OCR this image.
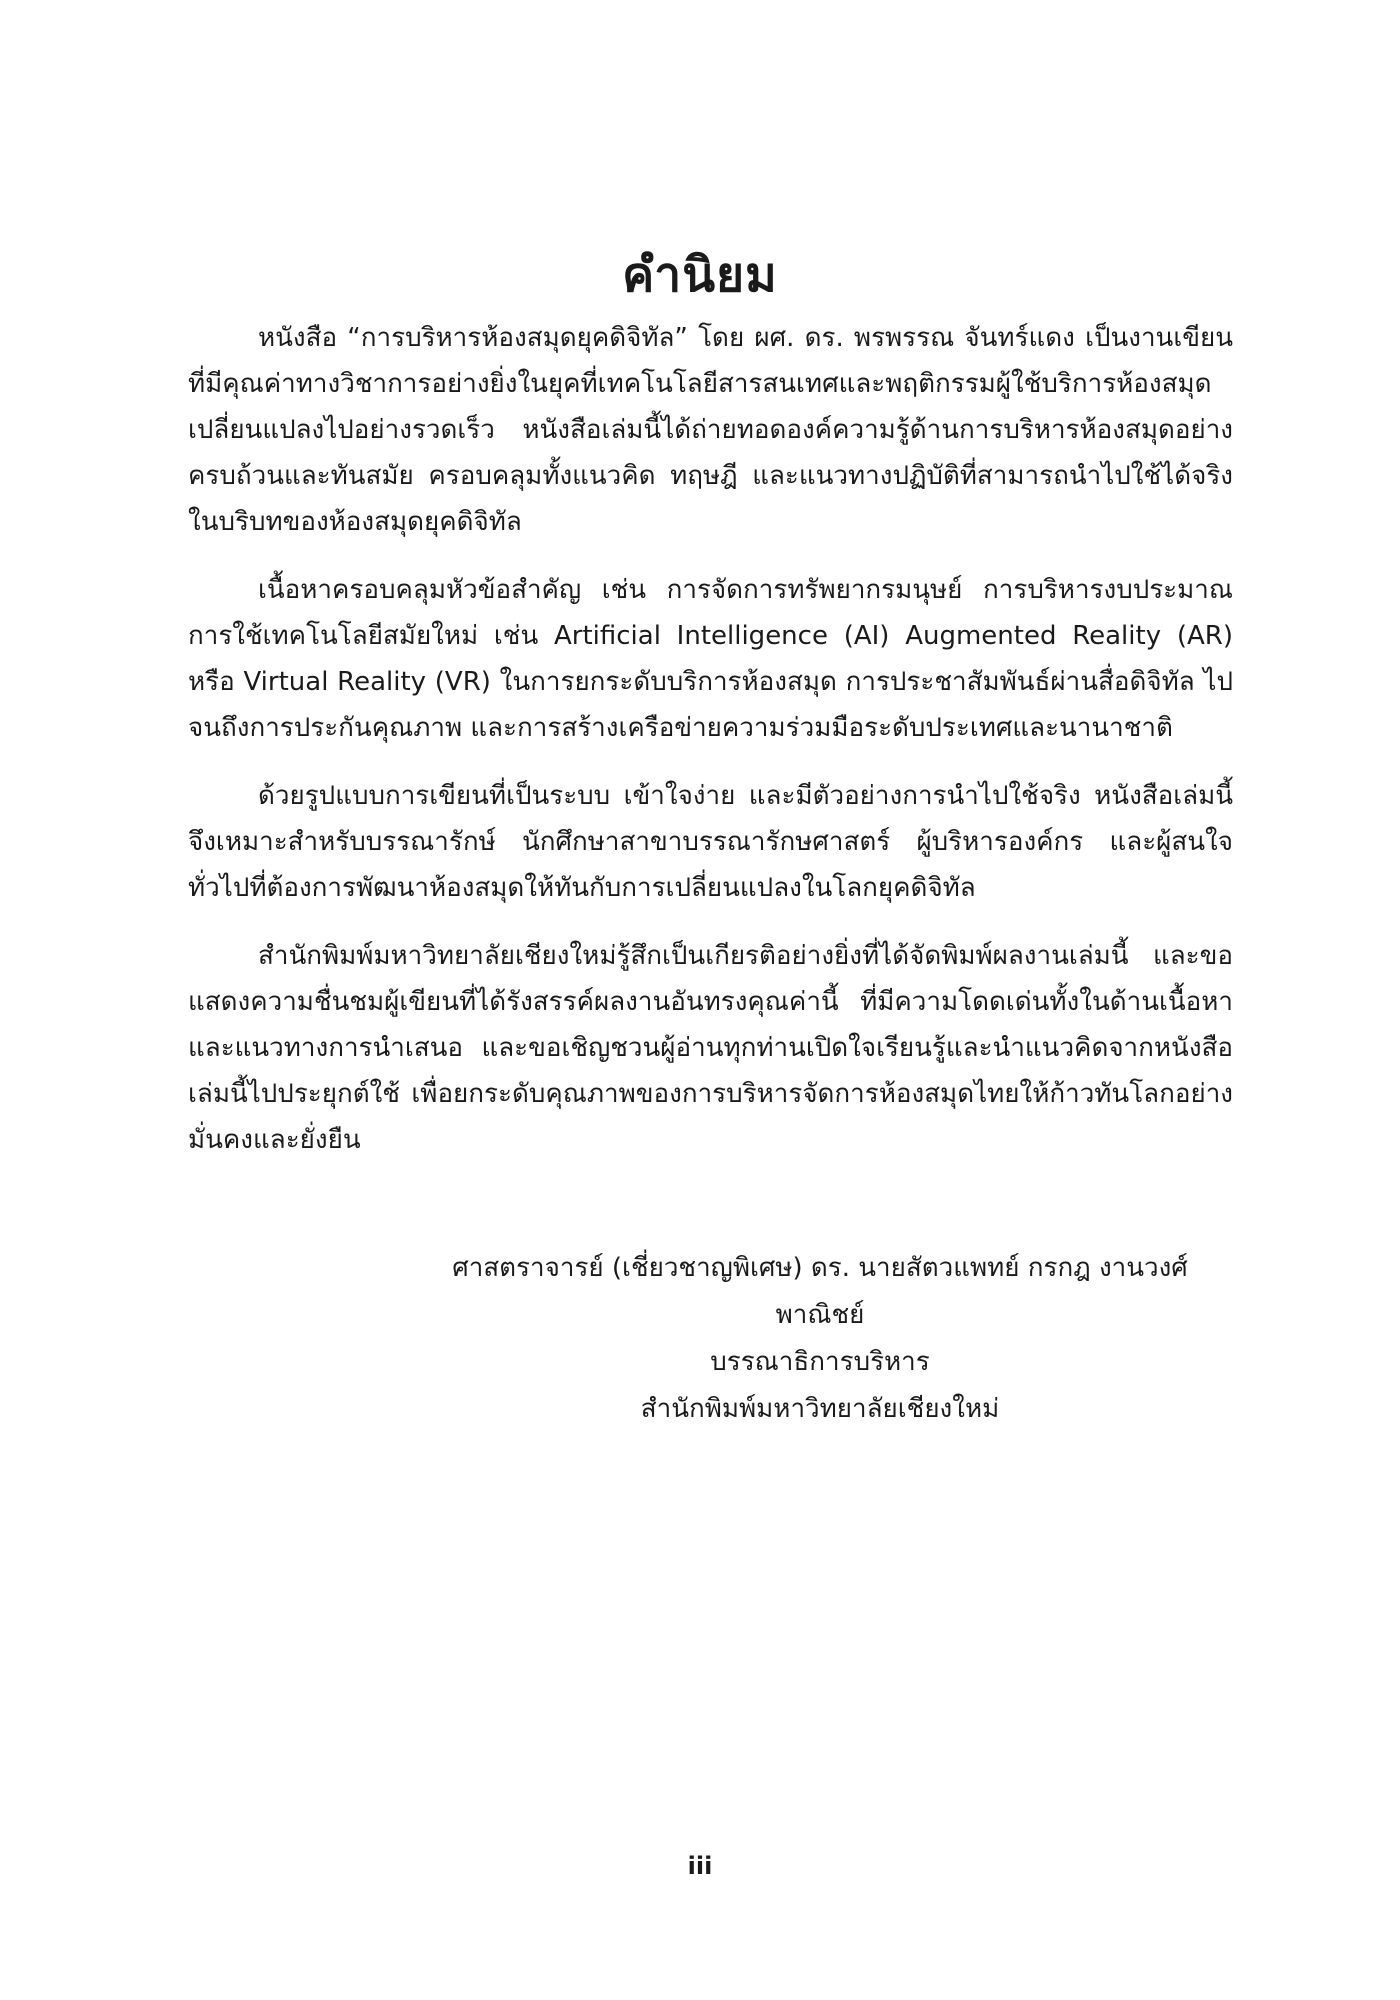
คำนิยม

หนังสือ “การบริหารห้องสมุดยุคดิจิทัล” โดย ผศ. ดร. พรพรรณ จันทร์แดง เป็นงานเขียนที่มีคุณค่าทางวิชาการอย่างยิ่งในยุคที่เทคโนโลยีสารสนเทศและพฤติกรรมผู้ใช้บริการห้องสมุดเปลี่ยนแปลงไปอย่างรวดเร็ว หนังสือเล่มนี้ได้ถ่ายทอดองค์ความรู้ด้านการบริหารห้องสมุดอย่างครบถ้วนและทันสมัย ครอบคลุมทั้งแนวคิด ทฤษฎี และแนวทางปฏิบัติที่สามารถนำไปใช้ได้จริงในบริบทของห้องสมุดยุคดิจิทัล

เนื้อหาครอบคลุมหัวข้อสำคัญ เช่น การจัดการทรัพยากรมนุษย์ การบริหารงบประมาณ การใช้เทคโนโลยีสมัยใหม่ เช่น Artificial Intelligence (AI) Augmented Reality (AR) หรือ Virtual Reality (VR) ในการยกระดับบริการห้องสมุด การประชาสัมพันธ์ผ่านสื่อดิจิทัล ไปจนถึงการประกันคุณภาพ และการสร้างเครือข่ายความร่วมมือระดับประเทศและนานาชาติ

ด้วยรูปแบบการเขียนที่เป็นระบบ เข้าใจง่าย และมีตัวอย่างการนำไปใช้จริง หนังสือเล่มนี้จึงเหมาะสำหรับบรรณารักษ์ นักศึกษาสาขาบรรณารักษศาสตร์ ผู้บริหารองค์กร และผู้สนใจทั่วไปที่ต้องการพัฒนาห้องสมุดให้ทันกับการเปลี่ยนแปลงในโลกยุคดิจิทัล

สำนักพิมพ์มหาวิทยาลัยเชียงใหม่รู้สึกเป็นเกียรติอย่างยิ่งที่ได้จัดพิมพ์ผลงานเล่มนี้ และขอแสดงความชื่นชมผู้เขียนที่ได้รังสรรค์ผลงานอันทรงคุณค่านี้ ที่มีความโดดเด่นทั้งในด้านเนื้อหาและแนวทางการนำเสนอ และขอเชิญชวนผู้อ่านทุกท่านเปิดใจเรียนรู้และนำแนวคิดจากหนังสือเล่มนี้ไปประยุกต์ใช้ เพื่อยกระดับคุณภาพของการบริหารจัดการห้องสมุดไทยให้ก้าวทันโลกอย่างมั่นคงและยั่งยืน

ศาสตราจารย์ (เชี่ยวชาญพิเศษ) ดร. นายสัตวแพทย์ กรกฎ งานวงศ์พาณิชย์
บรรณาธิการบริหาร
สำนักพิมพ์มหาวิทยาลัยเชียงใหม่
iii
